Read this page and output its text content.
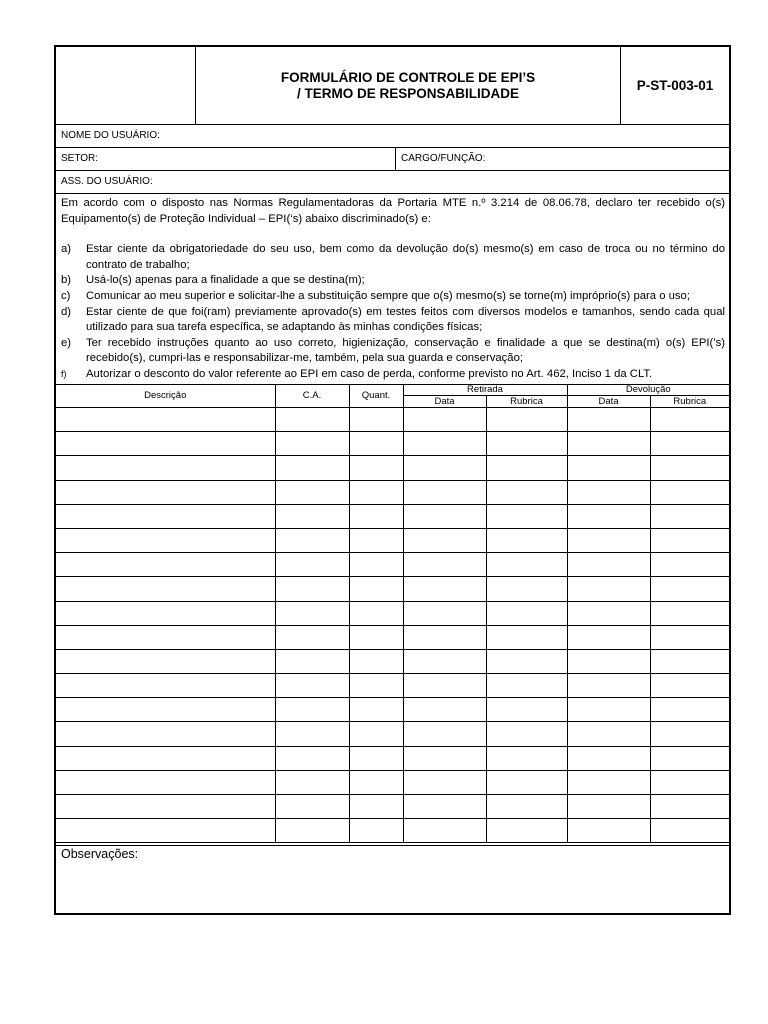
FORMULÁRIO DE CONTROLE DE EPI’S
/ TERMO DE RESPONSABILIDADE	P-ST-003-01
NOME DO USUÁRIO:
SETOR:	CARGO/FUNÇÃO:
ASS. DO USUÁRIO:

Em acordo com o disposto nas Normas Regulamentadoras da Portaria MTE n.º 3.214 de 08.06.78, declaro ter recebido o(s) Equipamento(s) de Proteção Individual – EPI(‘s) abaixo discriminado(s) e:

a)	Estar ciente da obrigatoriedade do seu uso, bem como da devolução do(s) mesmo(s) em caso de troca ou no término do contrato de trabalho;
b)	Usá-lo(s) apenas para a finalidade a que se destina(m);
c)	Comunicar ao meu superior e solicitar-lhe a substituição sempre que o(s) mesmo(s) se torne(m) impróprio(s) para o uso;
d)	Estar ciente de que foi(ram) previamente aprovado(s) em testes feitos com diversos modelos e tamanhos, sendo cada qual utilizado para sua tarefa específica, se adaptando às minhas condições físicas;
e)	Ter recebido instruções quanto ao uso correto, higienização, conservação e finalidade a que se destina(m) o(s) EPI(’s) recebido(s), cumpri-las e responsabilizar-me, também, pela sua guarda e conservação;
f)	Autorizar o desconto do valor referente ao EPI em caso de perda, conforme previsto no Art. 462, Inciso 1 da CLT.
Descrição	C.A.	Quant.	Retirada		Devolução	
			Data	Rubrica	Data	Rubrica

Observações:
